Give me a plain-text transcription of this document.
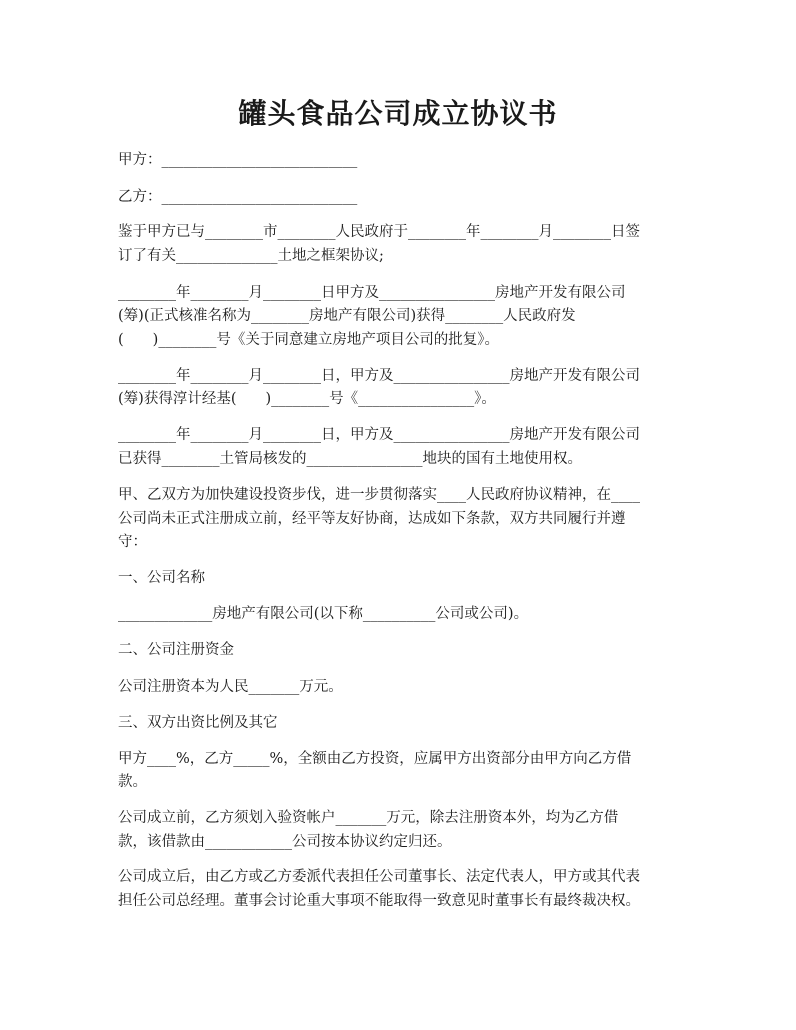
罐头食品公司成立协议书

甲方：___________________________

乙方：___________________________

鉴于甲方已与________市________人民政府于________年________月________日签

订了有关______________土地之框架协议;

________年________月________日甲方及________________房地产开发有限公司

(筹)(正式核准名称为________房地产有限公司)获得________人民政府发

(　　)________号《关于同意建立房地产项目公司的批复》。

________年________月________日，甲方及________________房地产开发有限公司

(筹)获得淳计经基(　　)________号《________________》。

________年________月________日，甲方及________________房地产开发有限公司

已获得________土管局核发的________________地块的国有土地使用权。

甲、乙双方为加快建设投资步伐，进一步贯彻落实____人民政府协议精神，在____

公司尚未正式注册成立前，经平等友好协商，达成如下条款，双方共同履行并遵

守：

一、公司名称

_____________房地产有限公司(以下称__________公司或公司)。

二、公司注册资金

公司注册资本为人民_______万元。

三、双方出资比例及其它

甲方____%，乙方_____%，全额由乙方投资，应属甲方出资部分由甲方向乙方借

款。

公司成立前，乙方须划入验资帐户_______万元，除去注册资本外，均为乙方借

款，该借款由____________公司按本协议约定归还。

公司成立后，由乙方或乙方委派代表担任公司董事长、法定代表人，甲方或其代表

担任公司总经理。董事会讨论重大事项不能取得一致意见时董事长有最终裁决权。
